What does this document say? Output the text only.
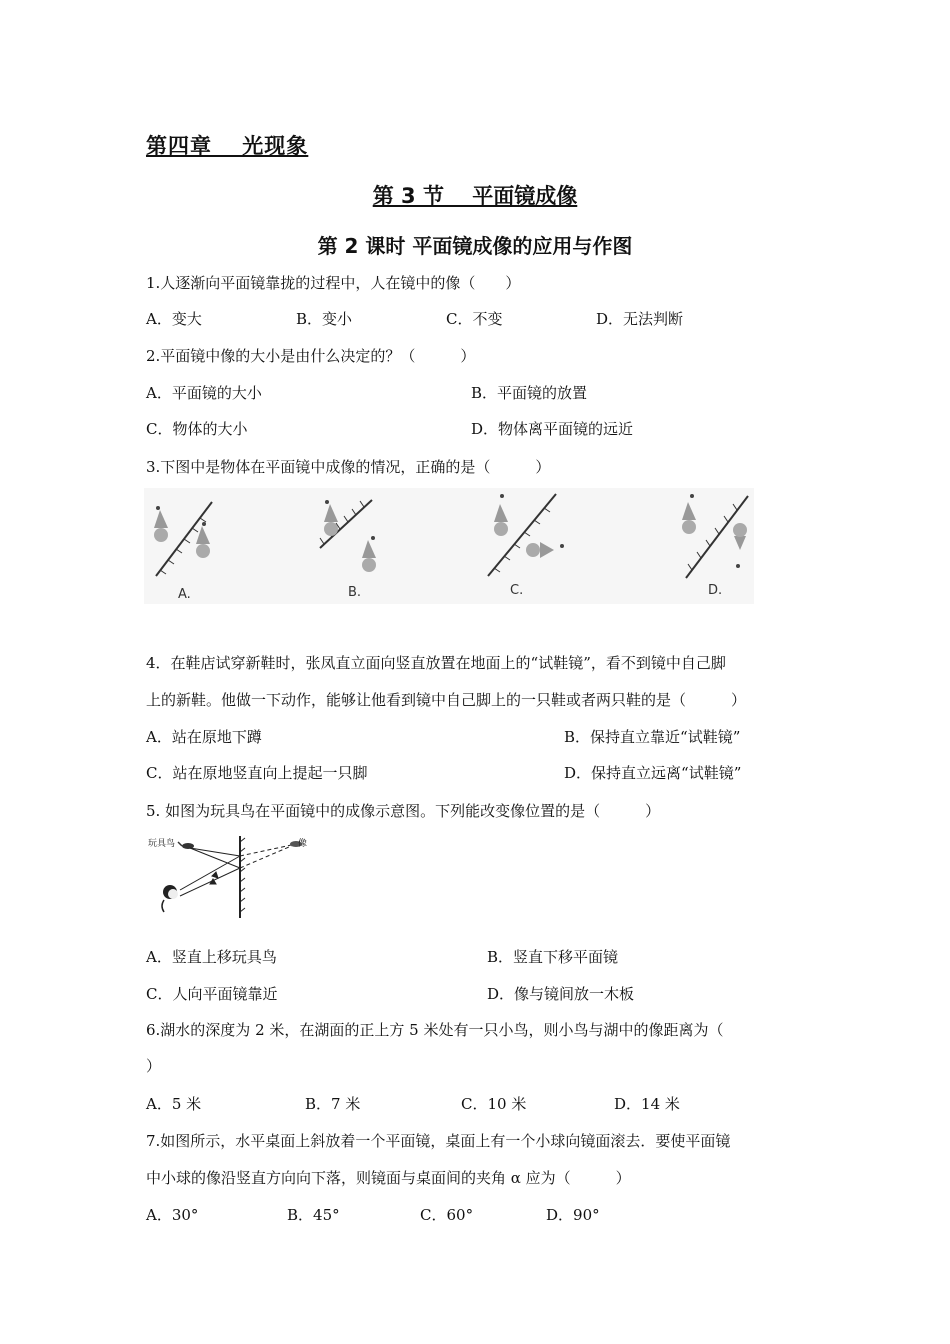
第四章　 光现象
第 3 节　 平面镜成像
第 2 课时 平面镜成像的应用与作图
1.人逐渐向平面镜靠拢的过程中，人在镜中的像（　　）
A．变大	B．变小	C．不变	D．无法判断
2.平面镜中像的大小是由什么决定的？（　　　）
A．平面镜的大小	B．平面镜的放置
C．物体的大小	D．物体离平面镜的远近
3.下图中是物体在平面镜中成像的情况，正确的是（　　　）
A.	B.	C.	D.
4．在鞋店试穿新鞋时，张凤直立面向竖直放置在地面上的“试鞋镜”，看不到镜中自己脚
上的新鞋。他做一下动作，能够让他看到镜中自己脚上的一只鞋或者两只鞋的是（　　　）
A．站在原地下蹲	B．保持直立靠近“试鞋镜”
C．站在原地竖直向上提起一只脚	D．保持直立远离“试鞋镜”
5. 如图为玩具鸟在平面镜中的成像示意图。下列能改变像位置的是（　　　）
玩具鸟	像
A．竖直上移玩具鸟	B．竖直下移平面镜
C．人向平面镜靠近	D．像与镜间放一木板
6.湖水的深度为 2 米，在湖面的正上方 5 米处有一只小鸟，则小鸟与湖中的像距离为（
）
A．5 米	B．7 米	C．10 米	D．14 米
7.如图所示，水平桌面上斜放着一个平面镜，桌面上有一个小球向镜面滚去．要使平面镜
中小球的像沿竖直方向向下落，则镜面与桌面间的夹角 α 应为（　　　）
A．30°	B．45°	C．60°	D．90°
